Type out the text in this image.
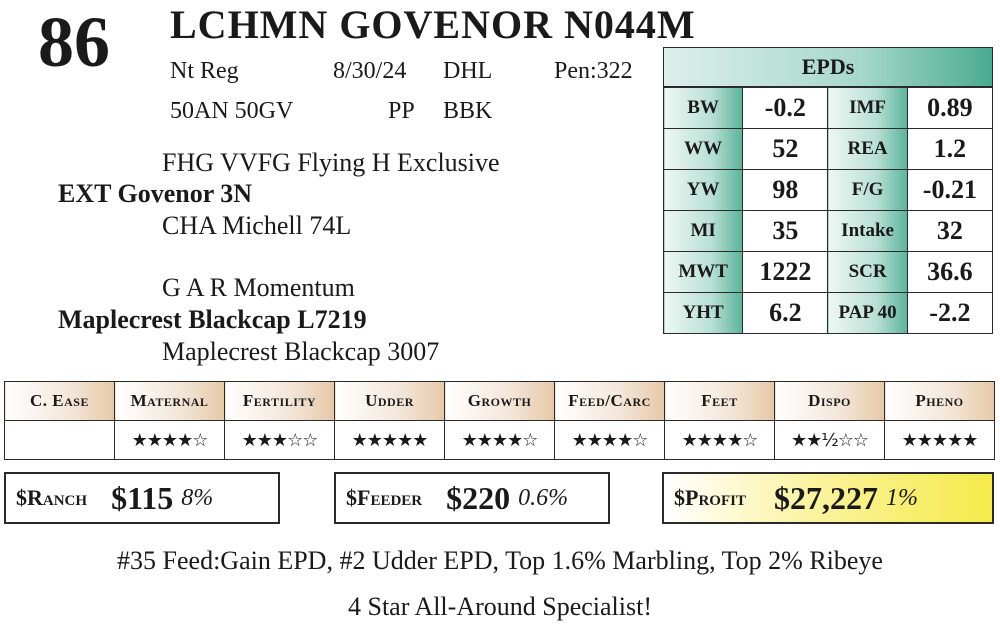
86 LCHMN GOVENOR N044M
Nt Reg	8/30/24 DHL	Pen:322
50AN 50GV	PP BBK
FHG VVFG Flying H Exclusive
EXT Govenor 3N
CHA Michell 74L
G A R Momentum
Maplecrest Blackcap L7219
Maplecrest Blackcap 3007
EPDs
BW	-0.2	IMF	0.89
WW	52	REA	1.2
YW	98	F/G	-0.21
MI	35	Intake	32
MWT	1222	SCR	36.6
YHT	6.2	PAP 40	-2.2
C. Ease	Maternal	Fertility	Udder	Growth	Feed/Carc	Feet	Dispo	Pheno
	★★★★☆	★★★☆☆	★★★★★	★★★★☆	★★★★☆	★★★★☆	★★½☆☆	★★★★★
$Ranch $115 8%	$Feeder $220 0.6%	$Profit $27,227 1%
#35 Feed:Gain EPD, #2 Udder EPD, Top 1.6% Marbling, Top 2% Ribeye
4 Star All-Around Specialist!
